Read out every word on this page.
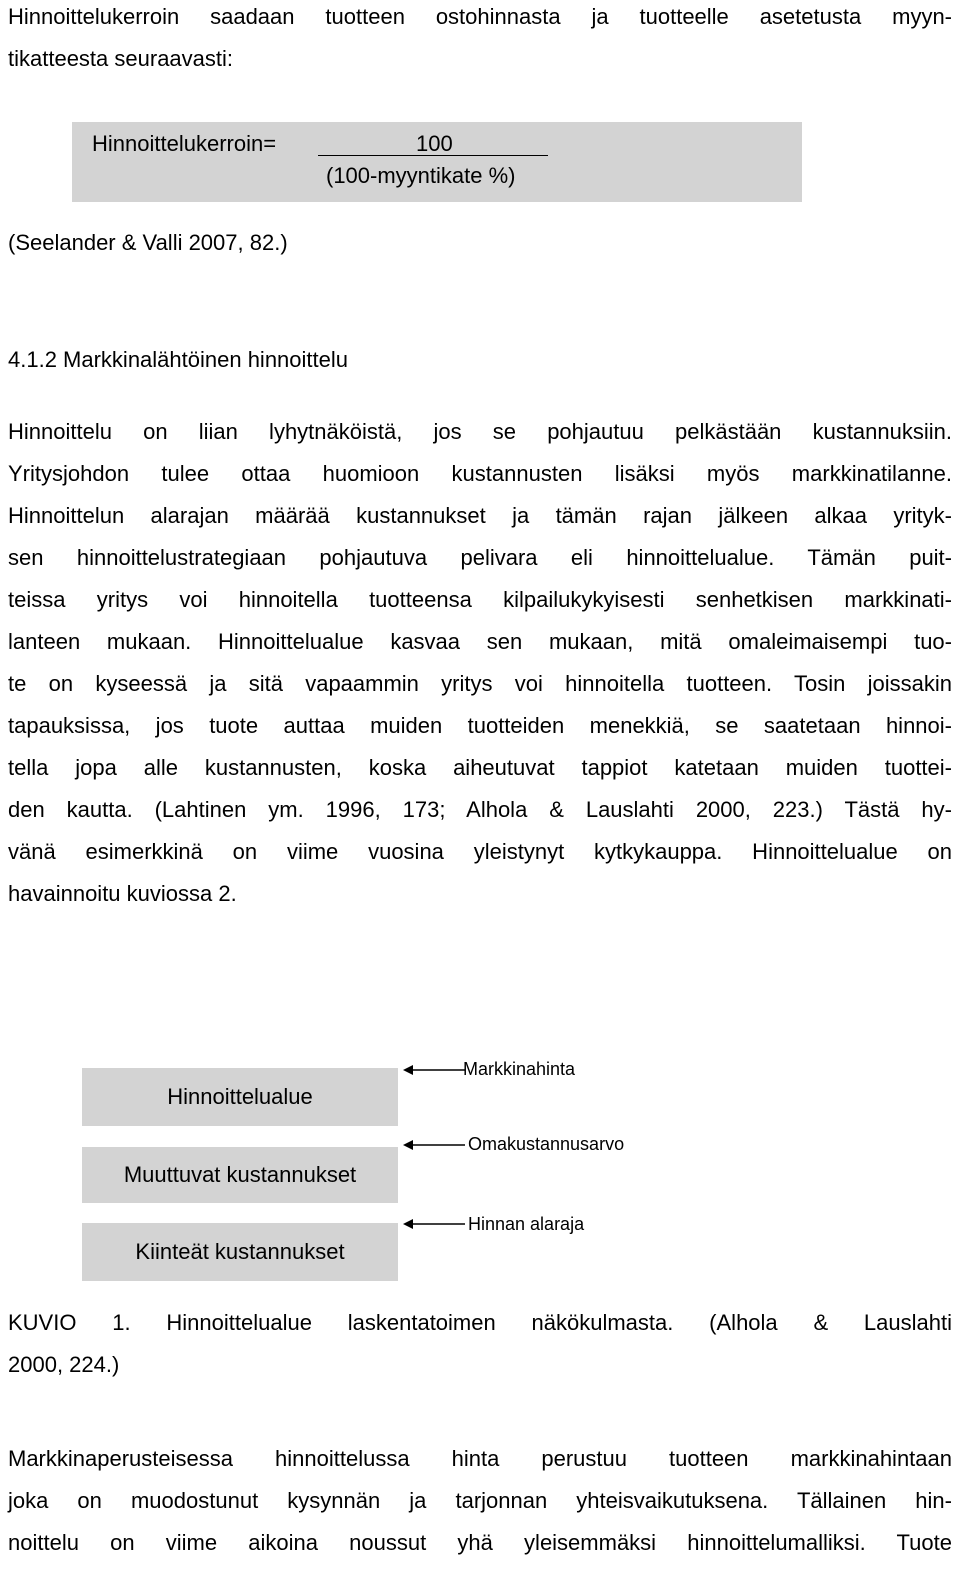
Hinnoittelukerroin saadaan tuotteen ostohinnasta ja tuotteelle asetetusta myyn-
tikatteesta seuraavasti:
Hinnoittelukerroin=	100
(100-myyntikate %)
(Seelander & Valli 2007, 82.)
4.1.2 Markkinalähtöinen hinnoittelu
Hinnoittelu on liian lyhytnäköistä, jos se pohjautuu pelkästään kustannuksiin.
Yritysjohdon tulee ottaa huomioon kustannusten lisäksi myös markkinatilanne.
Hinnoittelun alarajan määrää kustannukset ja tämän rajan jälkeen alkaa yrityk-
sen hinnoittelustrategiaan pohjautuva pelivara eli hinnoittelualue. Tämän puit-
teissa yritys voi hinnoitella tuotteensa kilpailukykyisesti senhetkisen markkinati-
lanteen mukaan. Hinnoittelualue kasvaa sen mukaan, mitä omaleimaisempi tuo-
te on kyseessä ja sitä vapaammin yritys voi hinnoitella tuotteen. Tosin joissakin
tapauksissa, jos tuote auttaa muiden tuotteiden menekkiä, se saatetaan hinnoi-
tella jopa alle kustannusten, koska aiheutuvat tappiot katetaan muiden tuottei-
den kautta. (Lahtinen ym. 1996, 173; Alhola & Lauslahti 2000, 223.) Tästä hy-
vänä esimerkkinä on viime vuosina yleistynyt kytkykauppa. Hinnoittelualue on
havainnoitu kuviossa 2.
Hinnoittelualue
Muuttuvat kustannukset
Kiinteät kustannukset
Markkinahinta
Omakustannusarvo
Hinnan alaraja
KUVIO 1. Hinnoittelualue laskentatoimen näkökulmasta. (Alhola & Lauslahti
2000, 224.)
Markkinaperusteisessa hinnoittelussa hinta perustuu tuotteen markkinahintaan
joka on muodostunut kysynnän ja tarjonnan yhteisvaikutuksena. Tällainen hin-
noittelu on viime aikoina noussut yhä yleisemmäksi hinnoittelumalliksi. Tuote
